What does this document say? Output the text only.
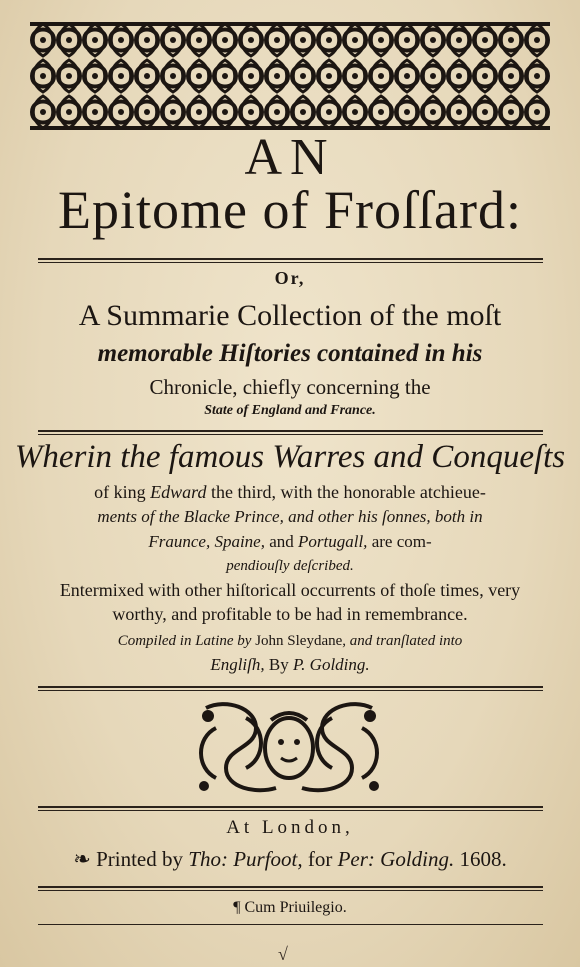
AN
Epitome of Froſſard:
Or,
A Summarie Collection of the moſt
memorable Hiſtories contained in his
Chronicle, chiefly concerning the
State of England and France.
Wherin the famous Warres and Conqueſts
of king Edward the third, with the honorable atchieue-
ments of the Blacke Prince, and other his ſonnes, both in
Fraunce, Spaine, and Portugall, are com-
pendiouſly deſcribed.
Entermixed with other hiſtoricall occurrents of thoſe times, very
worthy, and profitable to be had in remembrance.
Compiled in Latine by John Sleydane, and tranſlated into
Engliſh, By P. Golding.
At London,
❧ Printed by Tho: Purfoot, for Per: Golding. 1608.
¶ Cum Priuilegio.
√
